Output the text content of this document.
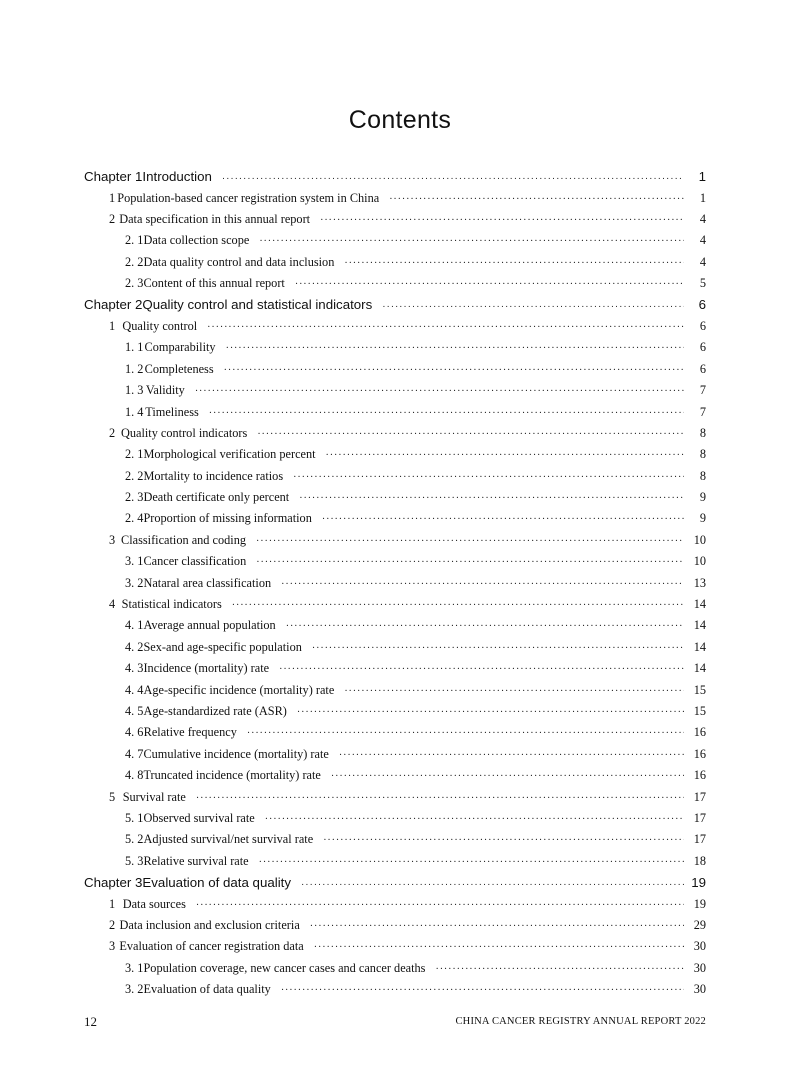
Contents
Chapter 1 Introduction ·····	1
1 Population-based cancer registration system in China ·····	1
2 Data specification in this annual report ·····	4
2. 1 Data collection scope ·····	4
2. 2 Data quality control and data inclusion ·····	4
2. 3 Content of this annual report ·····	5
Chapter 2 Quality control and statistical indicators ·····	6
1 Quality control ·····	6
1. 1 Comparability ·····	6
1. 2 Completeness ·····	6
1. 3 Validity ·····	7
1. 4 Timeliness ·····	7
2 Quality control indicators ·····	8
2. 1 Morphological verification percent ·····	8
2. 2 Mortality to incidence ratios ·····	8
2. 3 Death certificate only percent ·····	9
2. 4 Proportion of missing information ·····	9
3 Classification and coding ·····	10
3. 1 Cancer classification ·····	10
3. 2 Nataral area classification ·····	13
4 Statistical indicators ·····	14
4. 1 Average annual population ·····	14
4. 2 Sex-and age-specific population ·····	14
4. 3 Incidence (mortality) rate ·····	14
4. 4 Age-specific incidence (mortality) rate ·····	15
4. 5 Age-standardized rate (ASR) ·····	15
4. 6 Relative frequency ·····	16
4. 7 Cumulative incidence (mortality) rate ·····	16
4. 8 Truncated incidence (mortality) rate ·····	16
5 Survival rate ·····	17
5. 1 Observed survival rate ·····	17
5. 2 Adjusted survival/net survival rate ·····	17
5. 3 Relative survival rate ·····	18
Chapter 3 Evaluation of data quality ·····	19
1 Data sources ·····	19
2 Data inclusion and exclusion criteria ·····	29
3 Evaluation of cancer registration data ·····	30
3. 1 Population coverage, new cancer cases and cancer deaths ·····	30
3. 2 Evaluation of data quality ·····	30
12	CHINA CANCER REGISTRY ANNUAL REPORT 2022
